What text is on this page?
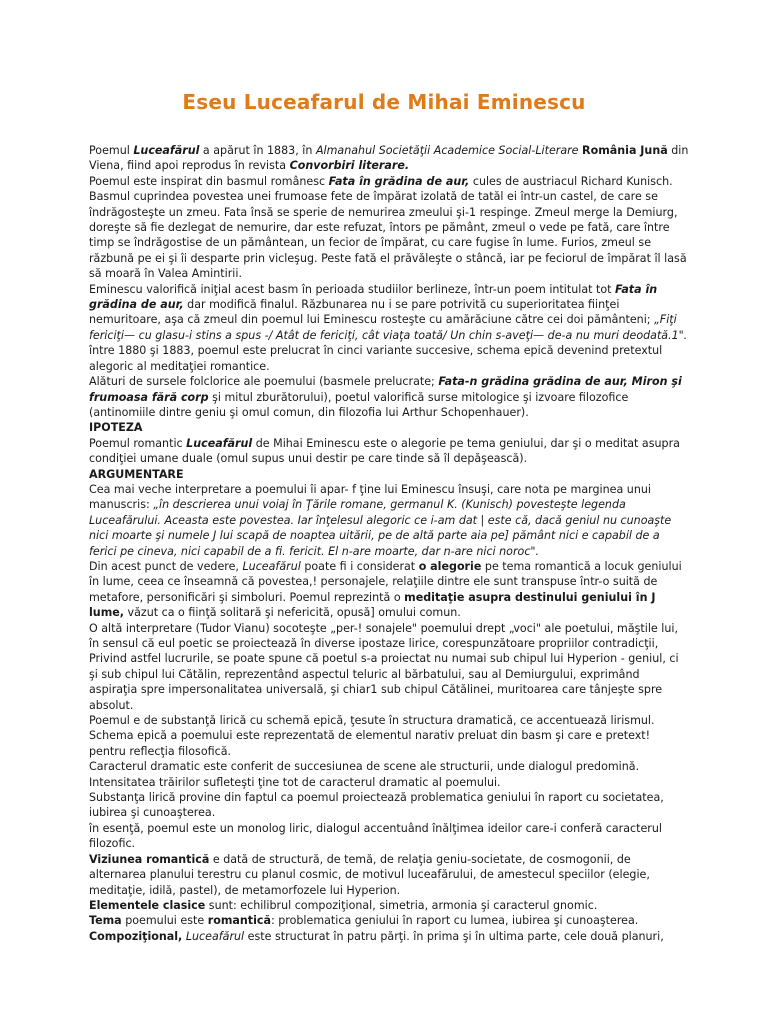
Eseu Luceafarul de Mihai Eminescu

Poemul Luceafărul a apărut în 1883, în Almanahul Societăţii Academice Social-Literare România Jună din Viena, fiind apoi reprodus în revista Convorbiri literare.

Poemul este inspirat din basmul românesc Fata în grădina de aur, cules de austriacul Richard Kunisch.

Basmul cuprindea povestea unei frumoase fete de împărat izolată de tatăl ei într-un castel, de care se îndrăgosteşte un zmeu. Fata însă se sperie de nemurirea zmeului şi-1 respinge. Zmeul merge la Demiurg, doreşte să fie dezlegat de nemurire, dar este refuzat, întors pe pământ, zmeul o vede pe fată, care între timp se îndrăgostise de un pământean, un fecior de împărat, cu care fugise în lume. Furios, zmeul se răzbună pe ei şi îi desparte prin vicleşug. Peste fată el prăvăleşte o stâncă, iar pe feciorul de împărat îl lasă să moară în Valea Amintirii.

Eminescu valorifică iniţial acest basm în perioada studiilor berlineze, într-un poem intitulat tot Fata în grădina de aur, dar modifică finalul. Răzbunarea nu i se pare potrivită cu superioritatea fiinţei nemuritoare, aşa că zmeul din poemul lui Eminescu rosteşte cu amărăciune către cei doi pământeni; „Fiţi fericiţi— cu glasu-i stins a spus -/ Atât de fericiţi, cât viaţa toată/ Un chin s-aveţi— de-a nu muri deodată.1".

între 1880 şi 1883, poemul este prelucrat în cinci variante succesive, schema epică devenind pretextul alegoric al meditaţiei romantice.

Alături de sursele folclorice ale poemului (basmele prelucrate; Fata-n grădina grădina de aur, Miron şi frumoasa fără corp şi mitul zburătorului), poetul valorifică surse mitologice şi izvoare filozofice (antinomiile dintre geniu şi omul comun, din filozofia lui Arthur Schopenhauer).

IPOTEZA

Poemul romantic Luceafărul de Mihai Eminescu este o alegorie pe tema geniului, dar şi o meditat asupra condiţiei umane duale (omul supus unui destir pe care tinde să îl depăşească).

ARGUMENTARE

Cea mai veche interpretare a poemului îi apar- f ţine lui Eminescu însuşi, care nota pe marginea unui manuscris: „în descrierea unui voiaj în Ţările romane, germanul K. (Kunisch) povesteşte legenda Luceafărului. Aceasta este povestea. Iar înţelesul alegoric ce i-am dat | este că, dacă geniul nu cunoaşte nici moarte şi numele J lui scapă de noaptea uitării, pe de altă parte aia pe] pământ nici e capabil de a ferici pe cineva, nici capabil de a fi. fericit. El n-are moarte, dar n-are nici noroc".

Din acest punct de vedere, Luceafărul poate fi i considerat o alegorie pe tema romantică a locuk geniului în lume, ceea ce înseamnă că povestea,! personajele, relaţiile dintre ele sunt transpuse într-o suită de metafore, personificări şi simboluri. Poemul reprezintă o meditaţie asupra destinului geniului în J lume, văzut ca o fiinţă solitară şi nefericită, opusă] omului comun.

O altă interpretare (Tudor Vianu) socoteşte „per-! sonajele" poemului drept „voci" ale poetului, măştile lui, în sensul că eul poetic se proiectează în diverse ipostaze lirice, corespunzătoare propriilor contradicţii, Privind astfel lucrurile, se poate spune că poetul s-a proiectat nu numai sub chipul lui Hyperion - geniul, ci şi sub chipul lui Cătălin, reprezentând aspectul teluric al bărbatului, sau al Demiurgului, exprimând aspiraţia spre impersonalitatea universală, şi chiar1 sub chipul Cătălinei, muritoarea care tânjeşte spre absolut.

Poemul e de substanţă lirică cu schemă epică, ţesute în structura dramatică, ce accentuează lirismul. Schema epică a poemului este reprezentată de elementul narativ preluat din basm şi care e pretext! pentru reflecţia filosofică.

Caracterul dramatic este conferit de succesiunea de scene ale structurii, unde dialogul predomină. Intensitatea trăirilor sufleteşti ţine tot de caracterul dramatic al poemului.

Substanţa lirică provine din faptul ca poemul proiectează problematica geniului în raport cu societatea, iubirea şi cunoaşterea.

în esenţă, poemul este un monolog liric, dialogul accentuând înălţimea ideilor care-i conferă caracterul filozofic.

Viziunea romantică e dată de structură, de temă, de relaţia geniu-societate, de cosmogonii, de alternarea planului terestru cu planul cosmic, de motivul luceafărului, de amestecul speciilor (elegie, meditaţie, idilă, pastel), de metamorfozele lui Hyperion.

Elementele clasice sunt: echilibrul compoziţional, simetria, armonia şi caracterul gnomic.

Tema poemului este romantică: problematica geniului în raport cu lumea, iubirea şi cunoaşterea.

Compoziţional, Luceafărul este structurat în patru părţi. în prima şi în ultima parte, cele două planuri,
